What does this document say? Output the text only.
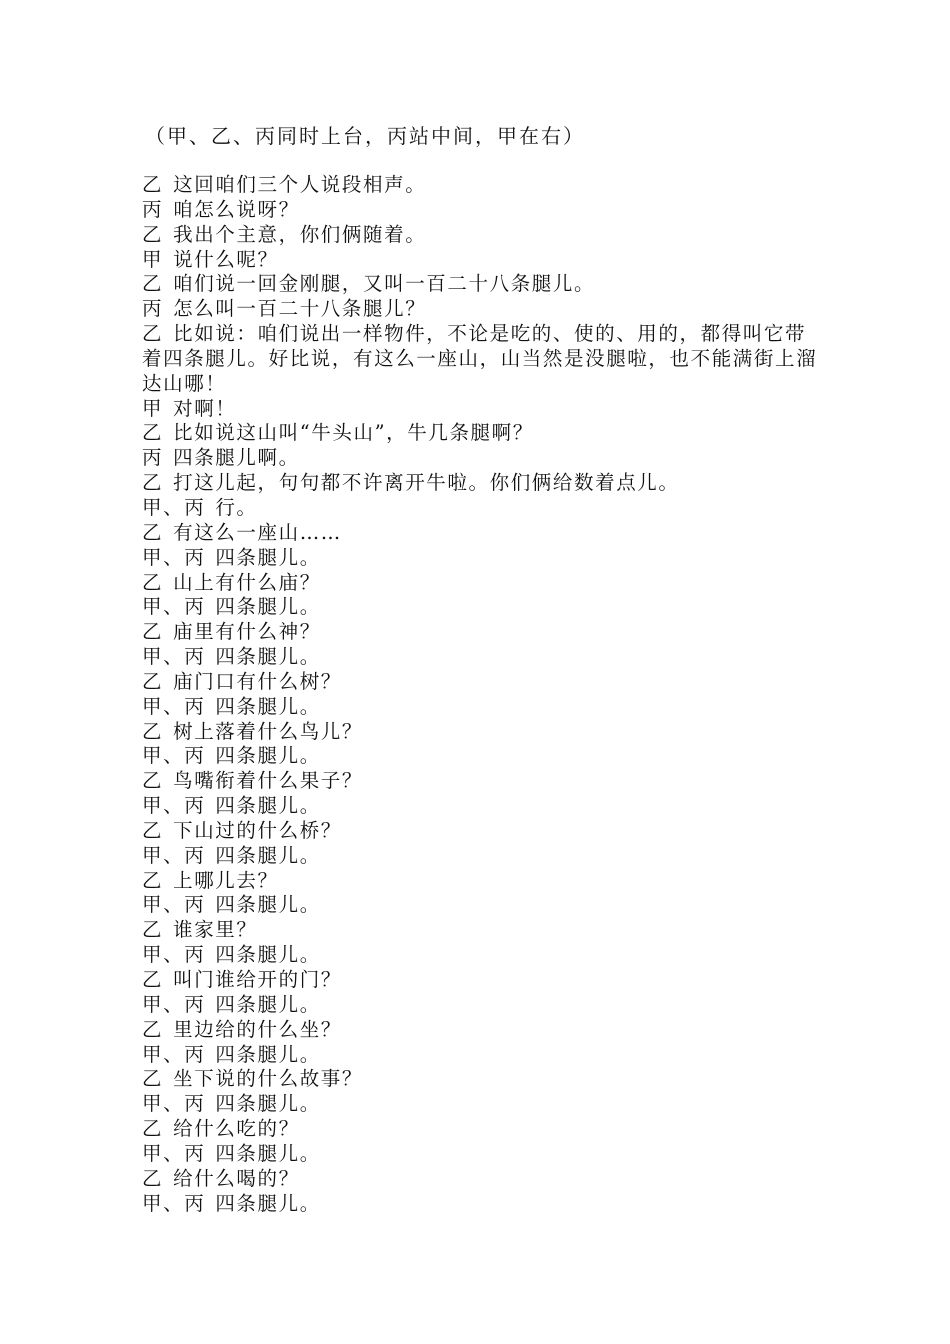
（甲、乙、丙同时上台，丙站中间，甲在右）
乙 这回咱们三个人说段相声。
丙 咱怎么说呀？
乙 我出个主意，你们俩随着。
甲 说什么呢？
乙 咱们说一回金刚腿，又叫一百二十八条腿儿。
丙 怎么叫一百二十八条腿儿？
乙 比如说：咱们说出一样物件，不论是吃的、使的、用的，都得叫它带着四条腿儿。好比说，有这么一座山，山当然是没腿啦，也不能满街上溜达山哪！
甲 对啊！
乙 比如说这山叫“牛头山”，牛几条腿啊？
丙 四条腿儿啊。
乙 打这儿起，句句都不许离开牛啦。你们俩给数着点儿。
甲、丙 行。
乙 有这么一座山……
甲、丙 四条腿儿。
乙 山上有什么庙？
甲、丙 四条腿儿。
乙 庙里有什么神？
甲、丙 四条腿儿。
乙 庙门口有什么树？
甲、丙 四条腿儿。
乙 树上落着什么鸟儿？
甲、丙 四条腿儿。
乙 鸟嘴衔着什么果子？
甲、丙 四条腿儿。
乙 下山过的什么桥？
甲、丙 四条腿儿。
乙 上哪儿去？
甲、丙 四条腿儿。
乙 谁家里？
甲、丙 四条腿儿。
乙 叫门谁给开的门？
甲、丙 四条腿儿。
乙 里边给的什么坐？
甲、丙 四条腿儿。
乙 坐下说的什么故事？
甲、丙 四条腿儿。
乙 给什么吃的？
甲、丙 四条腿儿。
乙 给什么喝的？
甲、丙 四条腿儿。
